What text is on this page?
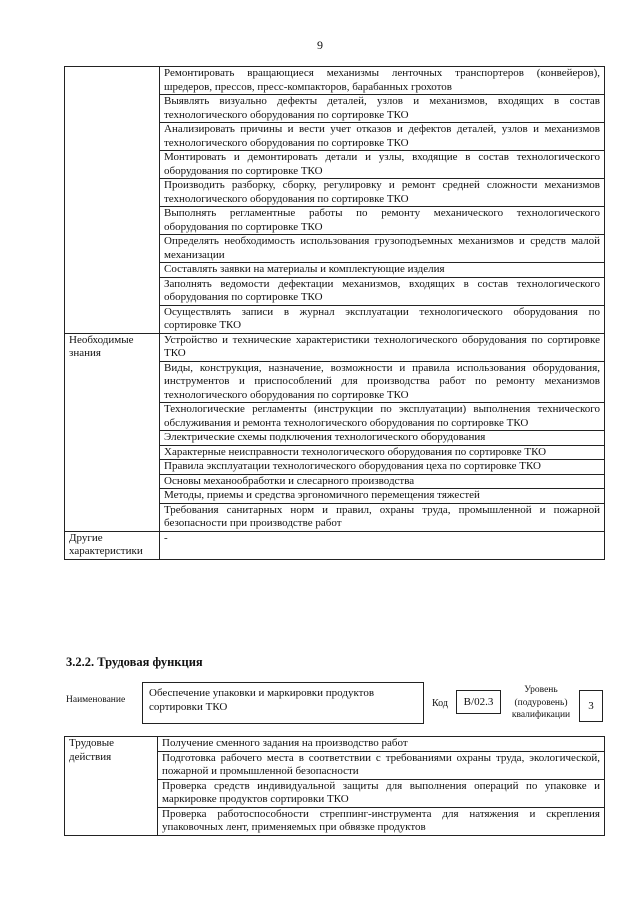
9
	Ремонтировать вращающиеся механизмы ленточных транспортеров (конвейеров), шредеров, прессов, пресс-компакторов, барабанных грохотов
	Выявлять визуально дефекты деталей, узлов и механизмов, входящих в состав технологического оборудования по сортировке ТКО
	Анализировать причины и вести учет отказов и дефектов деталей, узлов и механизмов технологического оборудования по сортировке ТКО
	Монтировать и демонтировать детали и узлы, входящие в состав технологического оборудования по сортировке ТКО
	Производить разборку, сборку, регулировку и ремонт средней сложности механизмов технологического оборудования по сортировке ТКО
	Выполнять регламентные работы по ремонту механического технологического оборудования по сортировке ТКО
	Определять необходимость использования грузоподъемных механизмов и средств малой механизации
	Составлять заявки на материалы и комплектующие изделия
	Заполнять ведомости дефектации механизмов, входящих в состав технологического оборудования по сортировке ТКО
	Осуществлять записи в журнал эксплуатации технологического оборудования по сортировке ТКО
Необходимые знания	Устройство и технические характеристики технологического оборудования по сортировке ТКО
	Виды, конструкция, назначение, возможности и правила использования оборудования, инструментов и приспособлений для производства работ по ремонту механизмов технологического оборудования по сортировке ТКО
	Технологические регламенты (инструкции по эксплуатации) выполнения технического обслуживания и ремонта технологического оборудования по сортировке ТКО
	Электрические схемы подключения технологического оборудования
	Характерные неисправности технологического оборудования по сортировке ТКО
	Правила эксплуатации технологического оборудования цеха по сортировке ТКО
	Основы механообработки и слесарного производства
	Методы, приемы и средства эргономичного перемещения тяжестей
	Требования санитарных норм и правил, охраны труда, промышленной и пожарной безопасности при производстве работ
Другие характеристики	-
3.2.2. Трудовая функция
Наименование
Обеспечение упаковки и маркировки продуктов сортировки ТКО	Код	B/02.3
Уровень (подуровень) квалификации
3
Трудовые действия	Получение сменного задания на производство работ
Подготовка рабочего места в соответствии с требованиями охраны труда, экологической, пожарной и промышленной безопасности
Проверка средств индивидуальной защиты для выполнения операций по упаковке и маркировке продуктов сортировки ТКО
Проверка работоспособности стреппинг-инструмента для натяжения и скрепления упаковочных лент, применяемых при обвязке продуктов
